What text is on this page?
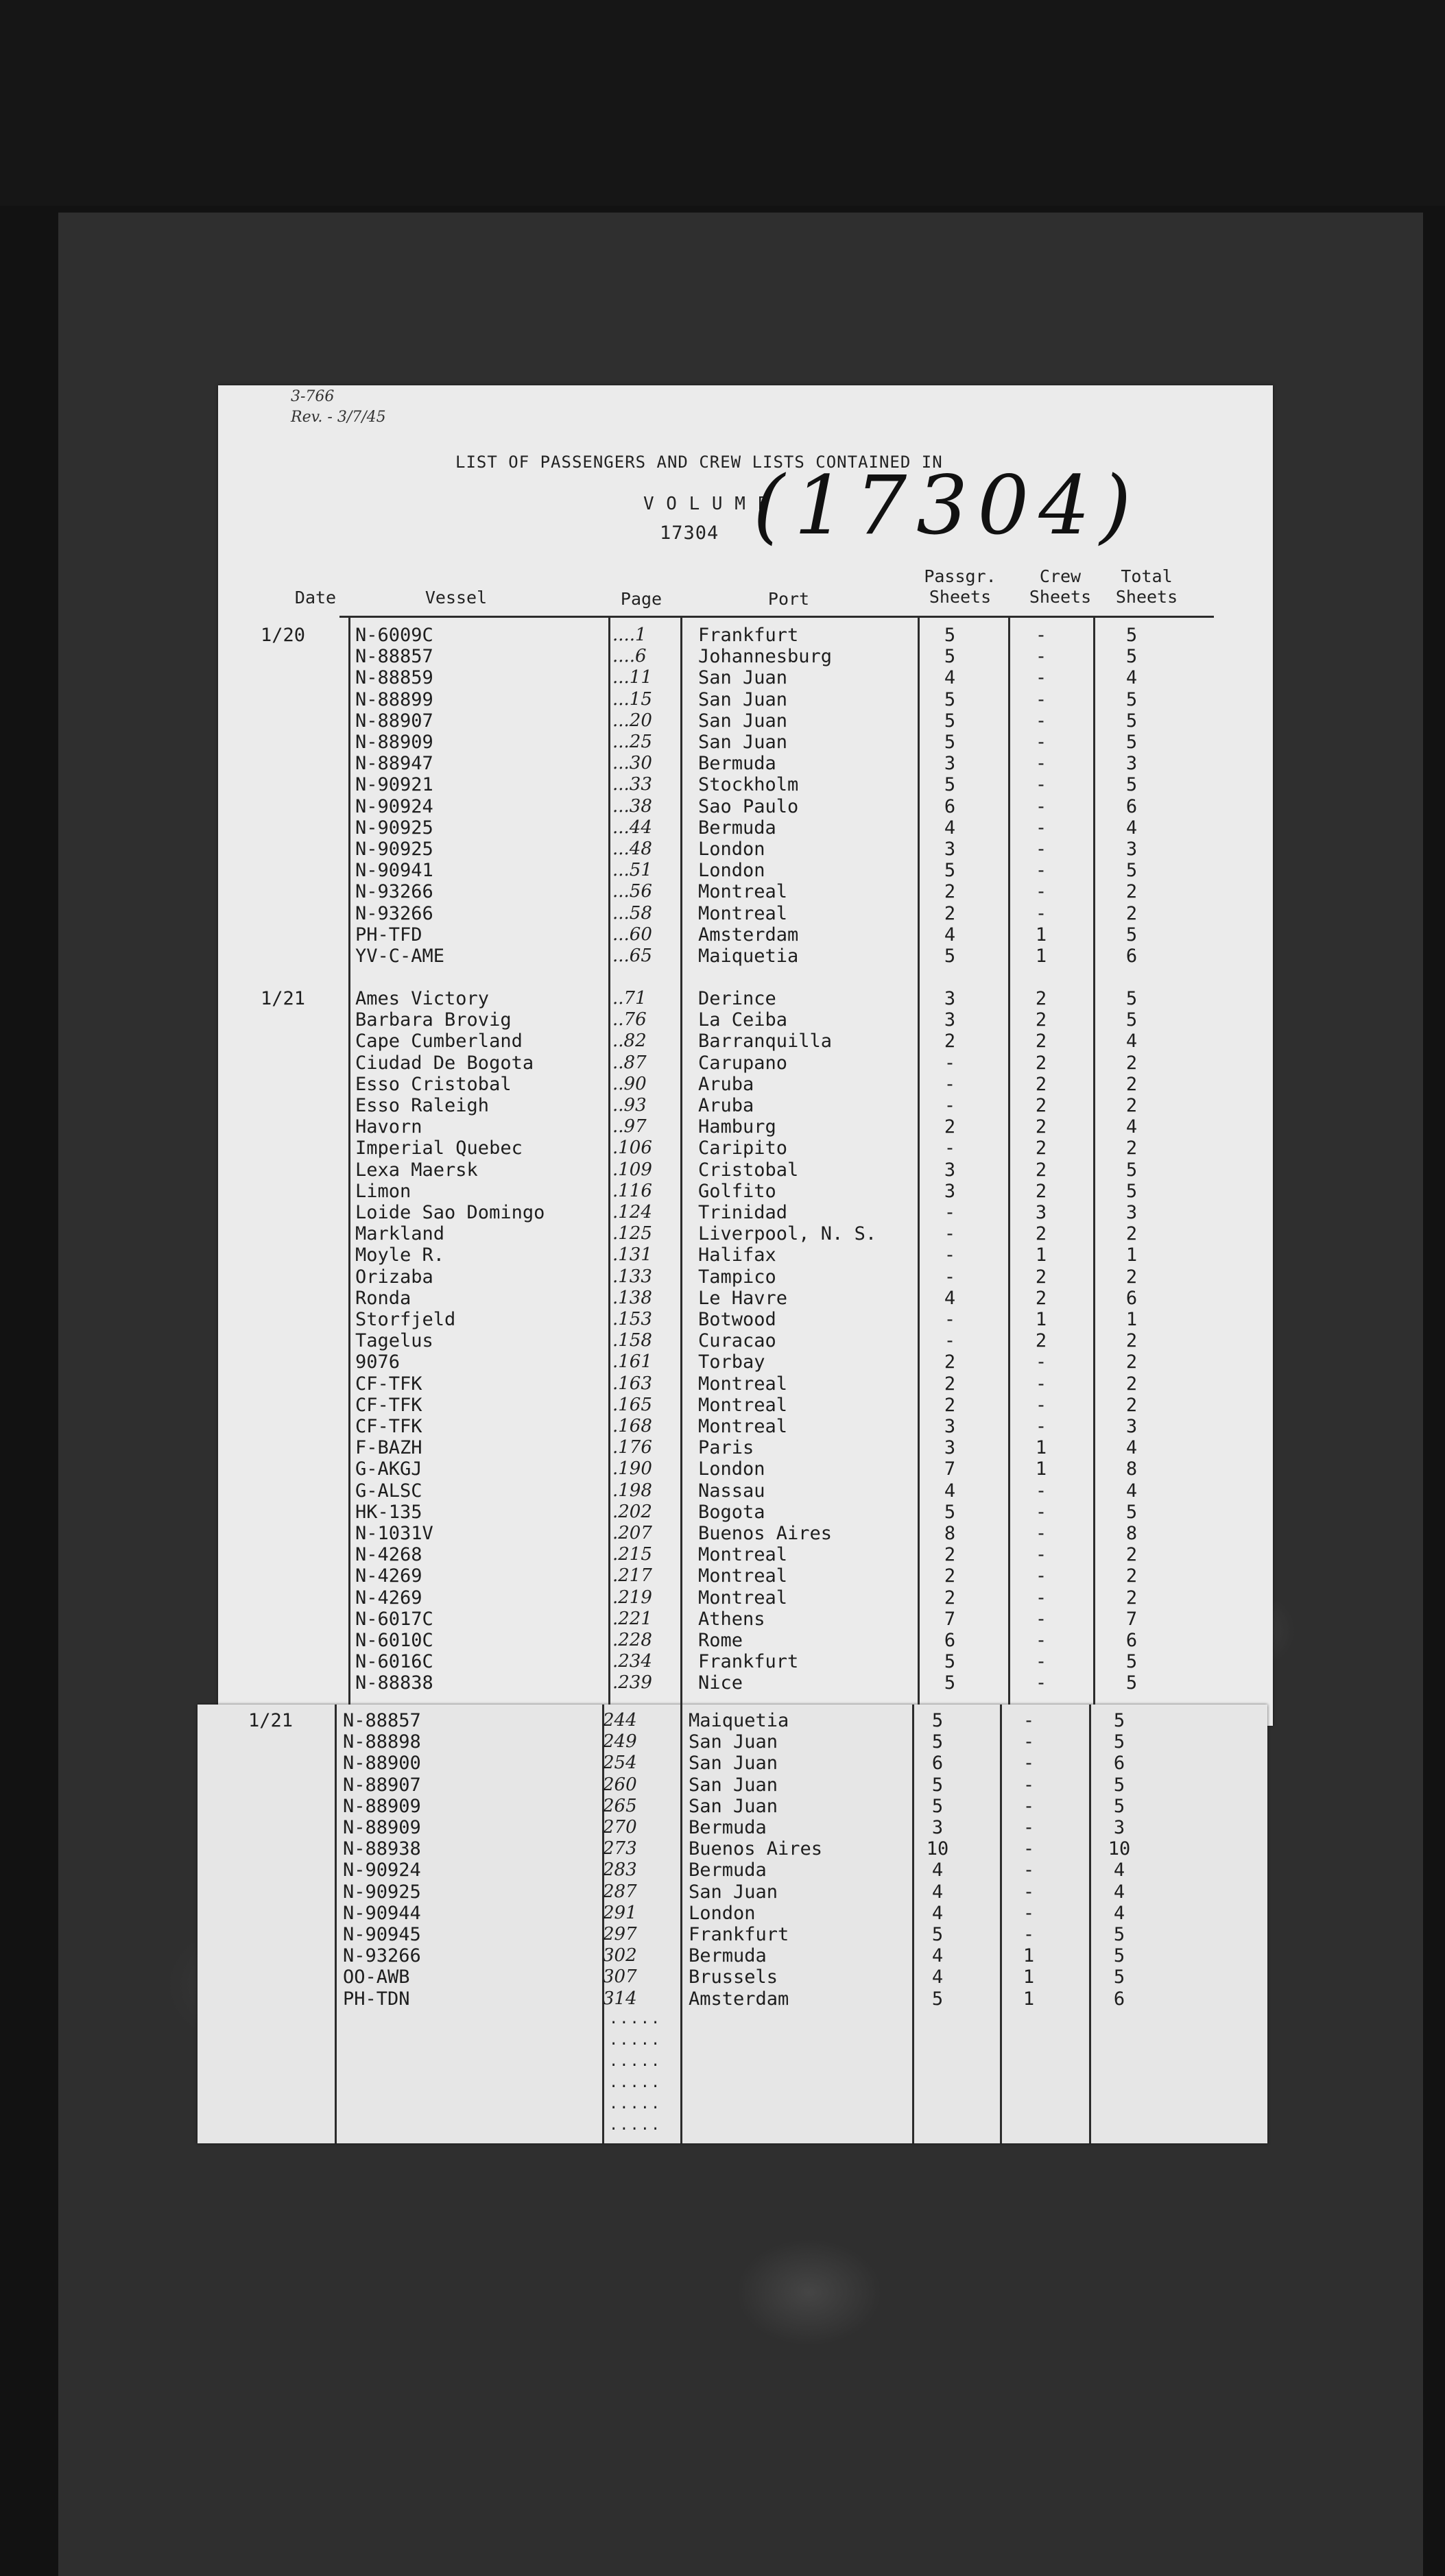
3-766
Rev. - 3/7/45
LIST OF PASSENGERS AND CREW LISTS CONTAINED IN
V O L U M E
17304 (17304)
Date	Vessel	Page	Port
Passgr.
Sheets
Crew
Sheets
Total
Sheets
1/20	N-6009C	....1	Frankfurt	5	-	5
N-88857	....6	Johannesburg	5	-	5
N-88859	...11 San Juan	4	-	4
N-88899	...15 San Juan	5	-	5
N-88907	...20 San Juan	5	-	5
N-88909	...25 San Juan	5	-	5
N-88947	...30 Bermuda	3	-	3
N-90921	...33 Stockholm	5	-	5
N-90924	...38 Sao Paulo	6	-	6
N-90925	...44 Bermuda	4	-	4
N-90925	...48 London	3	-	3
N-90941	...51 London	5	-	5
N-93266	...56 Montreal	2	-	2
N-93266	...58 Montreal	2	-	2
PH-TFD	...60 Amsterdam	4	1	5
YV-C-AME	...65 Maiquetia	5	1	6
1/21	Ames Victory	..71	Derince	3	2	5
Barbara Brovig	..76	La Ceiba	3	2	5
Cape Cumberland	..82	Barranquilla	2	2	4
Ciudad De Bogota	..87	Carupano	-	2	2
Esso Cristobal	..90	Aruba	-	2	2
Esso Raleigh	..93	Aruba	-	2	2
Havorn	..97	Hamburg	2	2	4
Imperial Quebec	.106 Caripito	-	2	2
Lexa Maersk	.109 Cristobal	3	2	5
Limon	.116 Golfito	3	2	5
Loide Sao Domingo	.124 Trinidad	-	3	3
Markland	.125 Liverpool, N. S.	-	2	2
Moyle R.	.131 Halifax	-	1	1
Orizaba	.133 Tampico	-	2	2
Ronda	.138 Le Havre	4	2	6
Storfjeld	.153 Botwood	-	1	1
Tagelus	.158 Curacao	-	2	2
9076	.161 Torbay	2	-	2
CF-TFK	.163 Montreal	2	-	2
CF-TFK	.165 Montreal	2	-	2
CF-TFK	.168 Montreal	3	-	3
F-BAZH	.176 Paris	3	1	4
G-AKGJ	.190 London	7	1	8
G-ALSC	.198 Nassau	4	-	4
HK-135	.202 Bogota	5	-	5
N-1031V	.207 Buenos Aires	8	-	8
N-4268	.215 Montreal	2	-	2
N-4269	.217 Montreal	2	-	2
N-4269	.219 Montreal	2	-	2
N-6017C	.221 Athens	7	-	7
N-6010C	.228 Rome	6	-	6
N-6016C	.234 Frankfurt	5	-	5
N-88838	.239 Nice	5	-	5
1/21	N-88857	244	Maiquetia	5	-	5
N-88898	249	San Juan	5	-	5
N-88900	254	San Juan	6	-	6
N-88907	260	San Juan	5	-	5
N-88909	265	San Juan	5	-	5
N-88909	270	Bermuda	3	-	3
N-88938	273	Buenos Aires	10	-	10
N-90924	283	Bermuda	4	-	4
N-90925	287	San Juan	4	-	4
N-90944	291	London	4	-	4
N-90945	297	Frankfurt	5	-	5
N-93266	302	Bermuda	4	1	5
OO-AWB	307	Brussels	4	1	5
PH-TDN	314	Amsterdam	5	1	6
.....
.....
.....
.....
.....
.....
